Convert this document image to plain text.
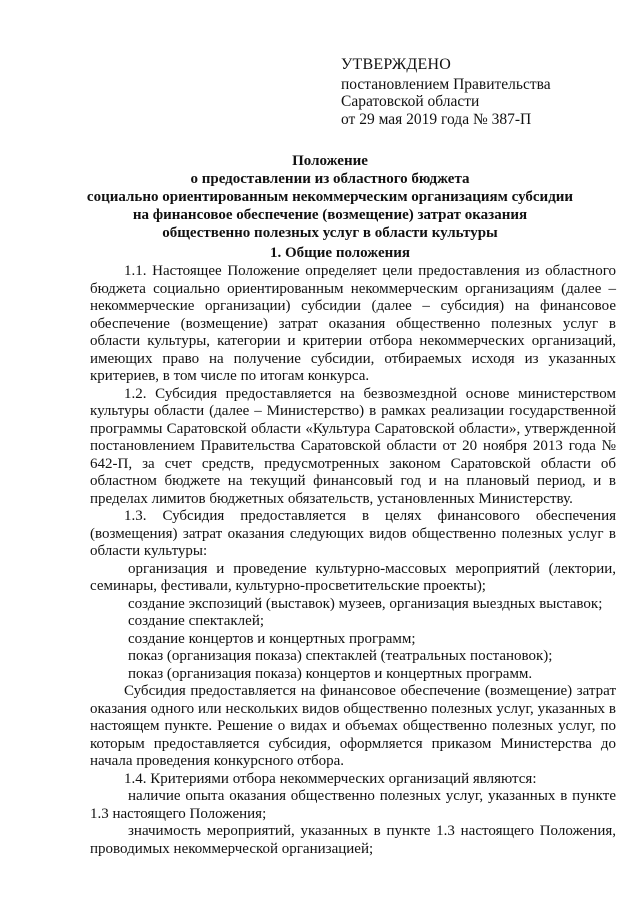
УТВЕРЖДЕНО
постановлением Правительства
Саратовской области
от 29 мая 2019 года № 387-П
Положение
о предоставлении из областного бюджета
социально ориентированным некоммерческим организациям субсидии
на финансовое обеспечение (возмещение) затрат оказания
общественно полезных услуг в области культуры
1. Общие положения

1.1. Настоящее Положение определяет цели предоставления из областного бюджета социально ориентированным некоммерческим организациям (далее – некоммерческие организации) субсидии (далее – субсидия) на финансовое обеспечение (возмещение) затрат оказания общественно полезных услуг в области культуры, категории и критерии отбора некоммерческих организаций, имеющих право на получение субсидии, отбираемых исходя из указанных критериев, в том числе по итогам конкурса.

1.2. Субсидия предоставляется на безвозмездной основе министерством культуры области (далее – Министерство) в рамках реализации государственной программы Саратовской области «Культура Саратовской области», утвержденной постановлением Правительства Саратовской области от 20 ноября 2013 года № 642-П, за счет средств, предусмотренных законом Саратовской области об областном бюджете на текущий финансовый год и на плановый период, и в пределах лимитов бюджетных обязательств, установленных Министерству.

1.3. Субсидия предоставляется в целях финансового обеспечения (возмещения) затрат оказания следующих видов общественно полезных услуг в области культуры:

организация и проведение культурно-массовых мероприятий (лектории, семинары, фестивали, культурно-просветительские проекты);

создание экспозиций (выставок) музеев, организация выездных выставок;

создание спектаклей;

создание концертов и концертных программ;

показ (организация показа) спектаклей (театральных постановок);

показ (организация показа) концертов и концертных программ.

Субсидия предоставляется на финансовое обеспечение (возмещение) затрат оказания одного или нескольких видов общественно полезных услуг, указанных в настоящем пункте. Решение о видах и объемах общественно полезных услуг, по которым предоставляется субсидия, оформляется приказом Министерства до начала проведения конкурсного отбора.

1.4. Критериями отбора некоммерческих организаций являются:

наличие опыта оказания общественно полезных услуг, указанных в пункте 1.3 настоящего Положения;

значимость мероприятий, указанных в пункте 1.3 настоящего Положения, проводимых некоммерческой организацией;
